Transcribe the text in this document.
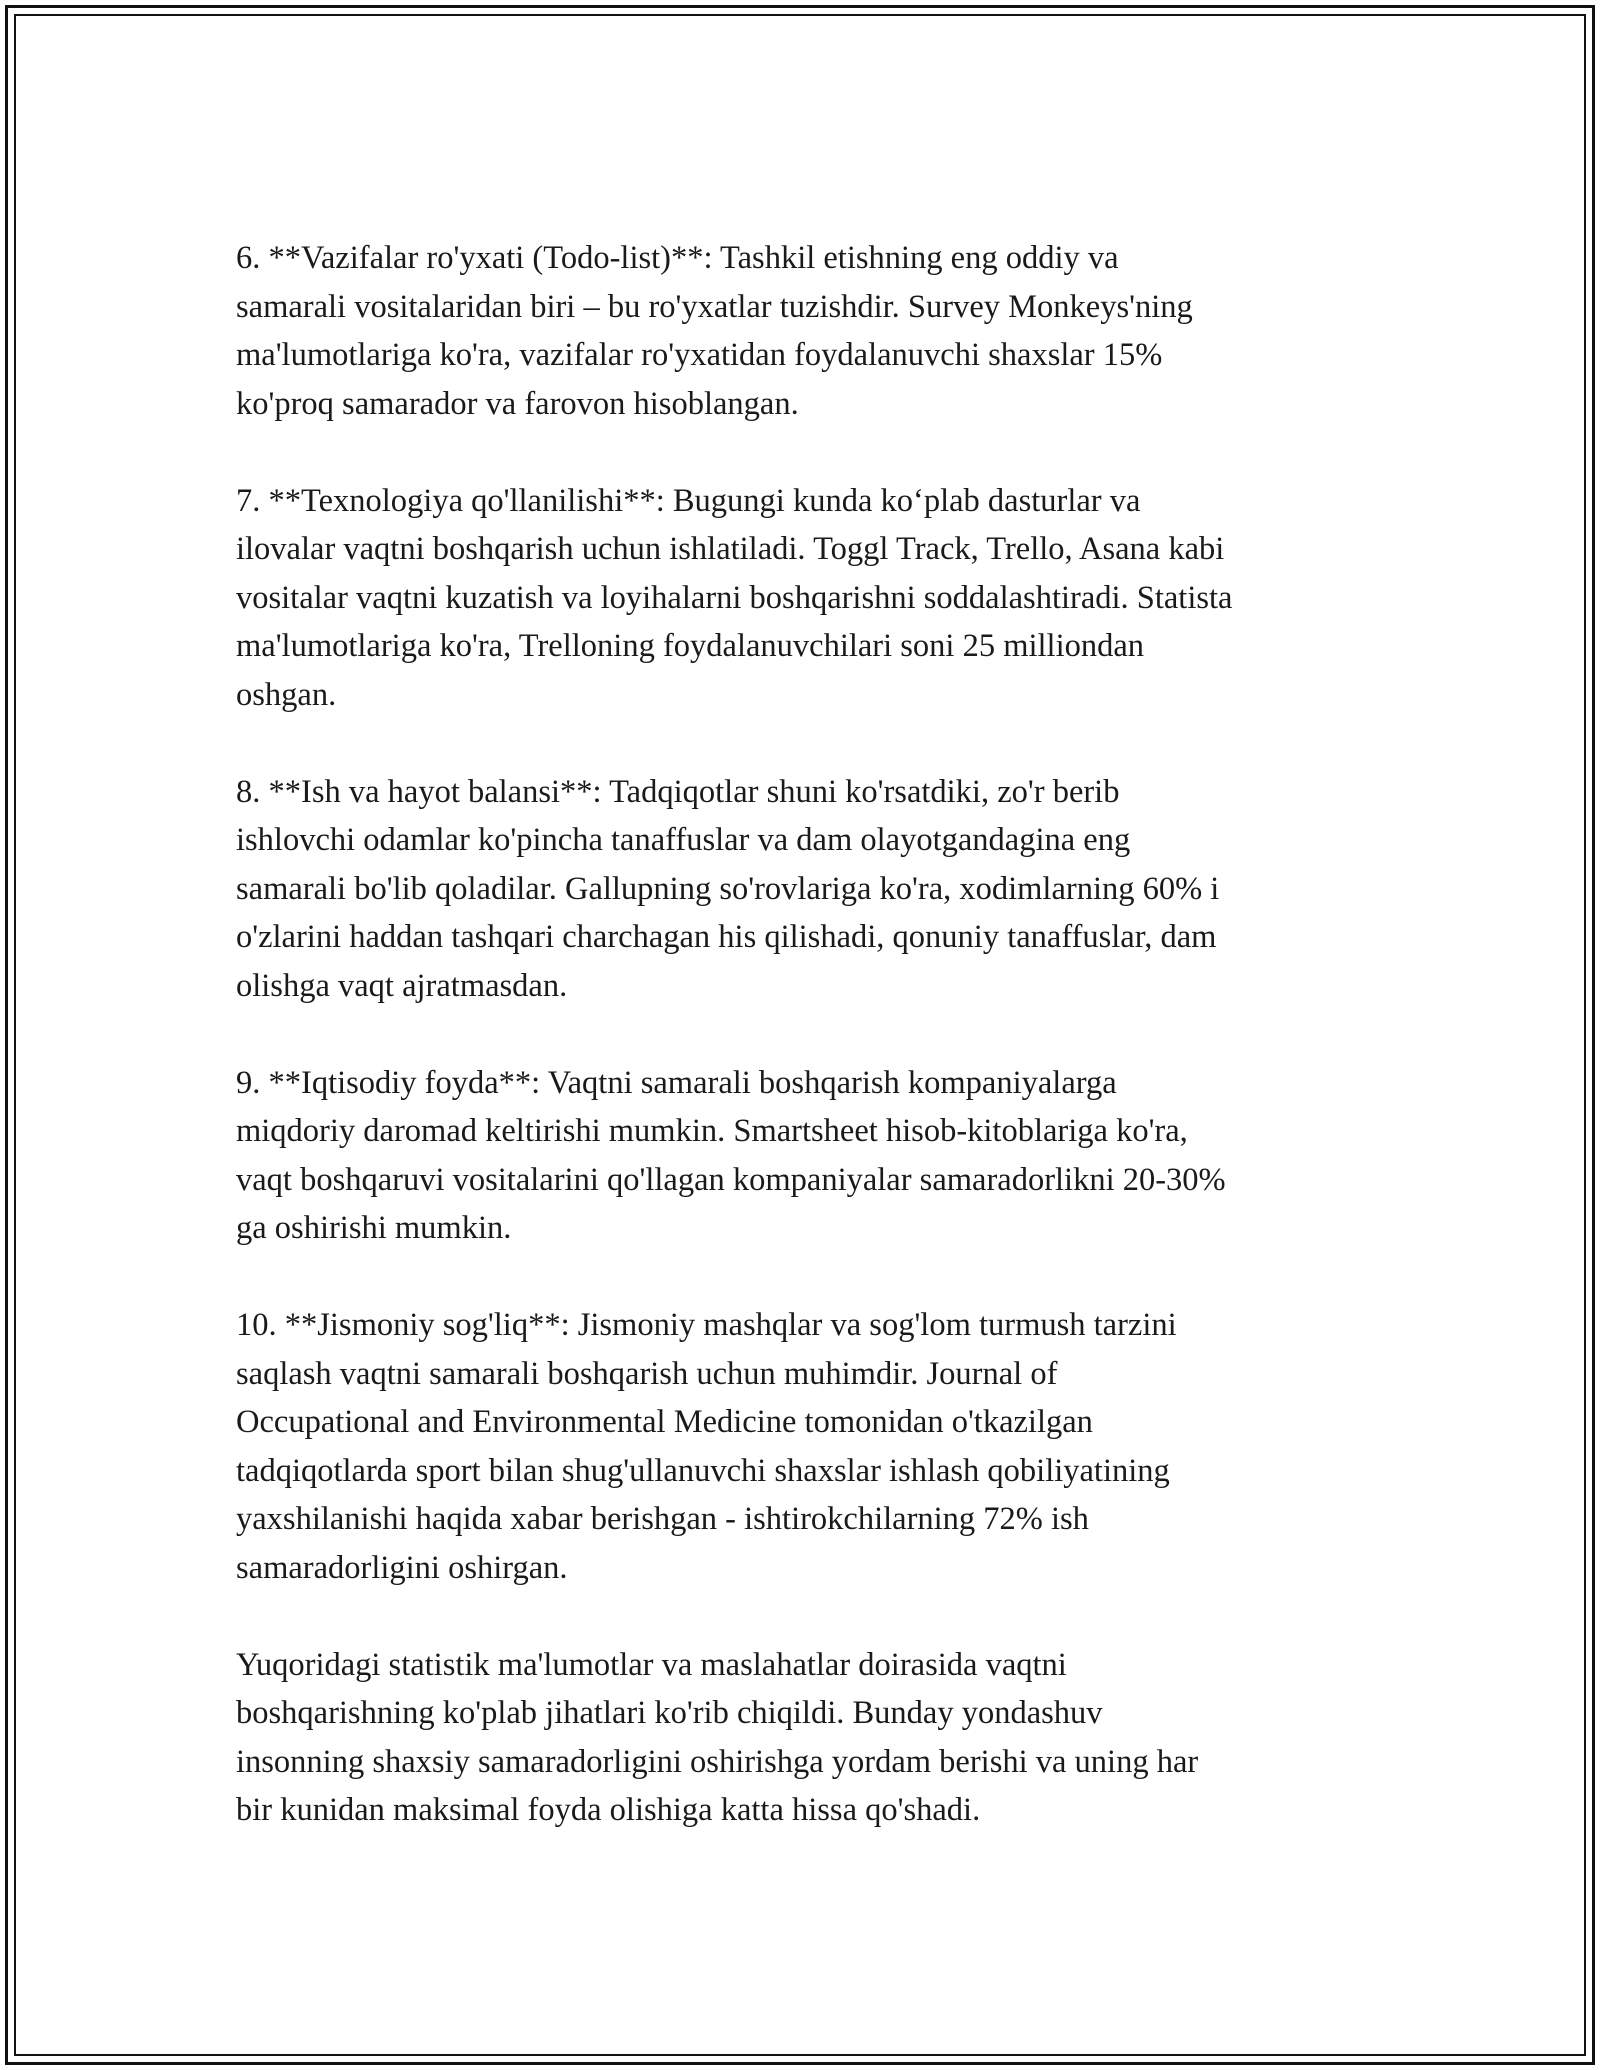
6. **Vazifalar ro'yxati (Todo-list)**: Tashkil etishning eng oddiy va
samarali vositalaridan biri – bu ro'yxatlar tuzishdir. Survey Monkeys'ning
ma'lumotlariga ko'ra, vazifalar ro'yxatidan foydalanuvchi shaxslar 15%
ko'proq samarador va farovon hisoblangan.

7. **Texnologiya qo'llanilishi**: Bugungi kunda koʻplab dasturlar va
ilovalar vaqtni boshqarish uchun ishlatiladi. Toggl Track, Trello, Asana kabi
vositalar vaqtni kuzatish va loyihalarni boshqarishni soddalashtiradi. Statista
ma'lumotlariga ko'ra, Trelloning foydalanuvchilari soni 25 milliondan
oshgan.

8. **Ish va hayot balansi**: Tadqiqotlar shuni ko'rsatdiki, zo'r berib
ishlovchi odamlar ko'pincha tanaffuslar va dam olayotgandagina eng
samarali bo'lib qoladilar. Gallupning so'rovlariga ko'ra, xodimlarning 60% i
o'zlarini haddan tashqari charchagan his qilishadi, qonuniy tanaffuslar, dam
olishga vaqt ajratmasdan.

9. **Iqtisodiy foyda**: Vaqtni samarali boshqarish kompaniyalarga
miqdoriy daromad keltirishi mumkin. Smartsheet hisob-kitoblariga ko'ra,
vaqt boshqaruvi vositalarini qo'llagan kompaniyalar samaradorlikni 20-30%
ga oshirishi mumkin.

10. **Jismoniy sog'liq**: Jismoniy mashqlar va sog'lom turmush tarzini
saqlash vaqtni samarali boshqarish uchun muhimdir. Journal of
Occupational and Environmental Medicine tomonidan o'tkazilgan
tadqiqotlarda sport bilan shug'ullanuvchi shaxslar ishlash qobiliyatining
yaxshilanishi haqida xabar berishgan - ishtirokchilarning 72% ish
samaradorligini oshirgan.

Yuqoridagi statistik ma'lumotlar va maslahatlar doirasida vaqtni
boshqarishning ko'plab jihatlari ko'rib chiqildi. Bunday yondashuv
insonning shaxsiy samaradorligini oshirishga yordam berishi va uning har
bir kunidan maksimal foyda olishiga katta hissa qo'shadi.
